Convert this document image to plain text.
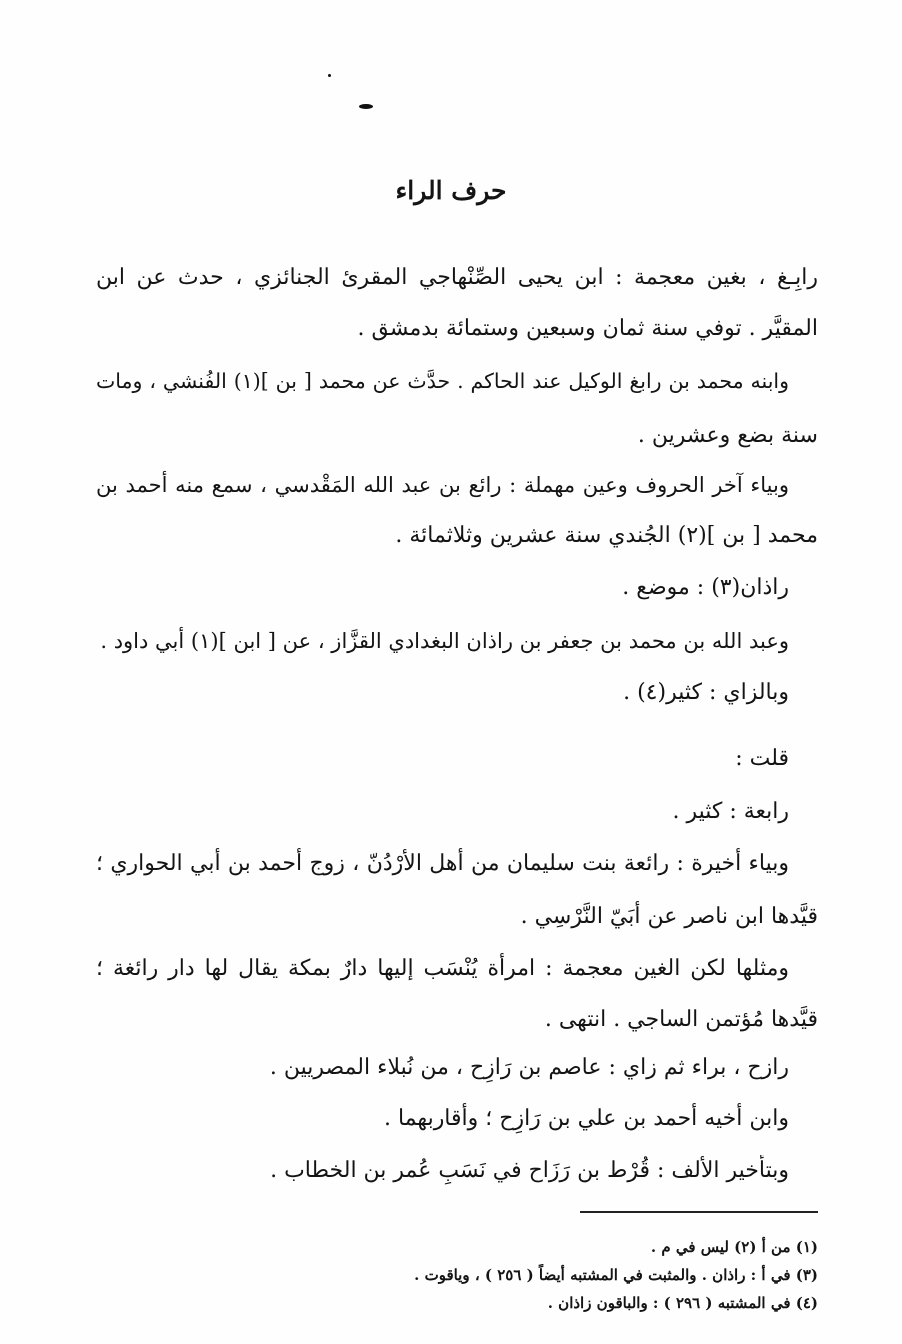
حرف الراء
رابِـغ ، بغين معجمة : ابن يحيى الصِّنْهاجي المقرئ الجنائزي ، حدث عن ابن
المقيَّر . توفي سنة ثمان وسبعين وستمائة بدمشق .
وابنه محمد بن رابغ الوكيل عند الحاكم . حدَّث عن محمد [ بن ](١) الفُنشي ، ومات
سنة بضع وعشرين .
وبياء آخر الحروف وعين مهملة : رائع بن عبد الله المَقْدسي ، سمع منه أحمد بن
محمد [ بن ](٢) الجُندي سنة عشرين وثلاثمائة .
راذان(٣) : موضع .
وعبد الله بن محمد بن جعفر بن راذان البغدادي القزَّاز ، عن [ ابن ](١) أبي داود .
وبالزاي : كثير(٤) .
قلت :
رابعة : كثير .
وبياء أخيرة : رائعة بنت سليمان من أهل الأُرْدُنّ ، زوج أحمد بن أبي الحواري ؛
قيَّدها ابن ناصر عن أُبَيّ النَّرْسِي .
ومثلها لكن الغين معجمة : امرأة يُنْسَب إليها دارٌ بمكة يقال لها دار رائغة ؛
قيَّدها مُؤتمن الساجي . انتهى .
رازح ، براء ثم زاي : عاصم بن رَازِح ، من نُبلاء المصريين .
وابن أخيه أحمد بن علي بن رَازِح ؛ وأقاربهما .
وبتأخير الألف : قُرْط بن رَزَاح في نَسَبِ عُمر بن الخطاب .
(١) من أ (٢) ليس في م .
(٣) في أ : راذان . والمثبت في المشتبه أيضاً ( ٢٥٦ ) ، وياقوت .
(٤) في المشتبه ( ٢٩٦ ) : والباقون زاذان .
